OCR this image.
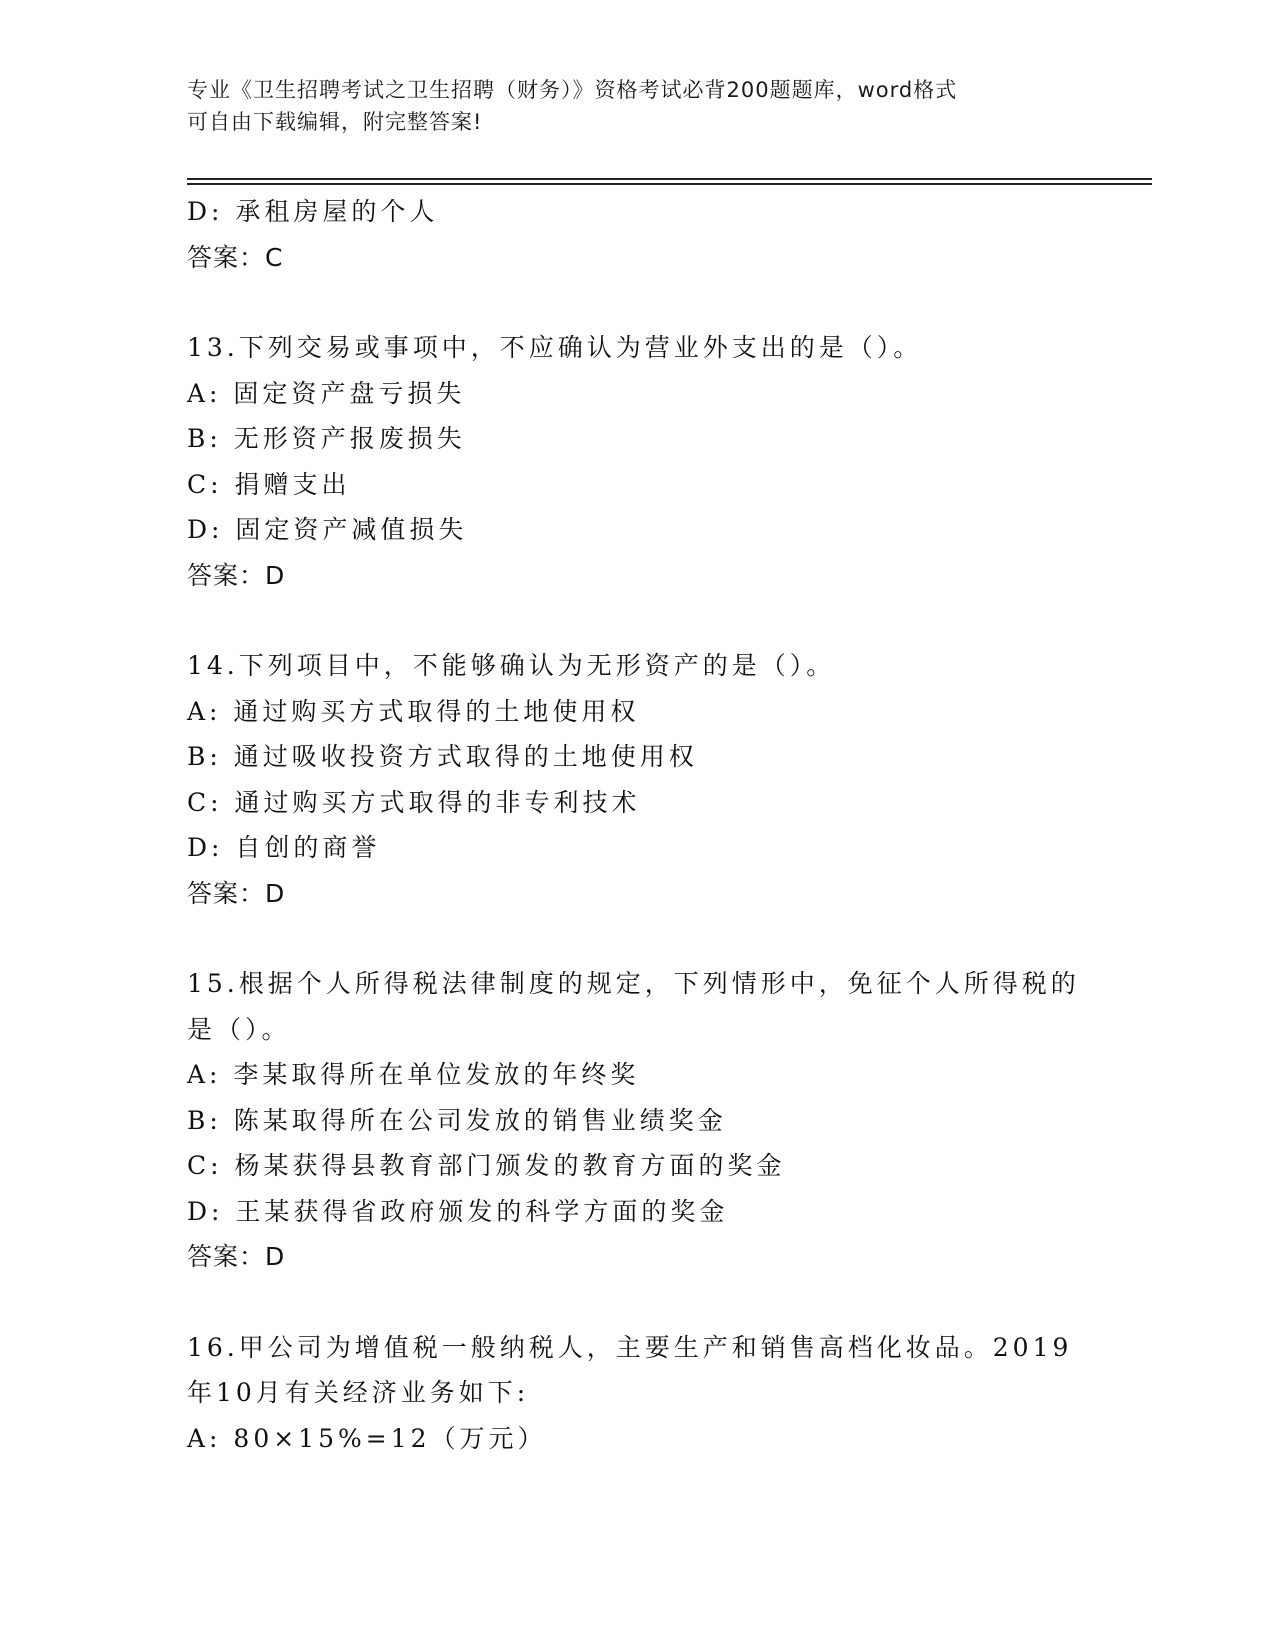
专业《卫生招聘考试之卫生招聘（财务）》资格考试必背200题题库，word格式
可自由下载编辑，附完整答案!
D: 承租房屋的个人
答案：C
13.下列交易或事项中，不应确认为营业外支出的是（）。
A: 固定资产盘亏损失
B: 无形资产报废损失
C: 捐赠支出
D: 固定资产减值损失
答案：D
14.下列项目中，不能够确认为无形资产的是（）。
A: 通过购买方式取得的土地使用权
B: 通过吸收投资方式取得的土地使用权
C: 通过购买方式取得的非专利技术
D: 自创的商誉
答案：D
15.根据个人所得税法律制度的规定，下列情形中，免征个人所得税的
是（）。
A: 李某取得所在单位发放的年终奖
B: 陈某取得所在公司发放的销售业绩奖金
C: 杨某获得县教育部门颁发的教育方面的奖金
D: 王某获得省政府颁发的科学方面的奖金
答案：D
16.甲公司为增值税一般纳税人，主要生产和销售高档化妆品。2019
年10月有关经济业务如下:
A: 80×15%=12（万元）
